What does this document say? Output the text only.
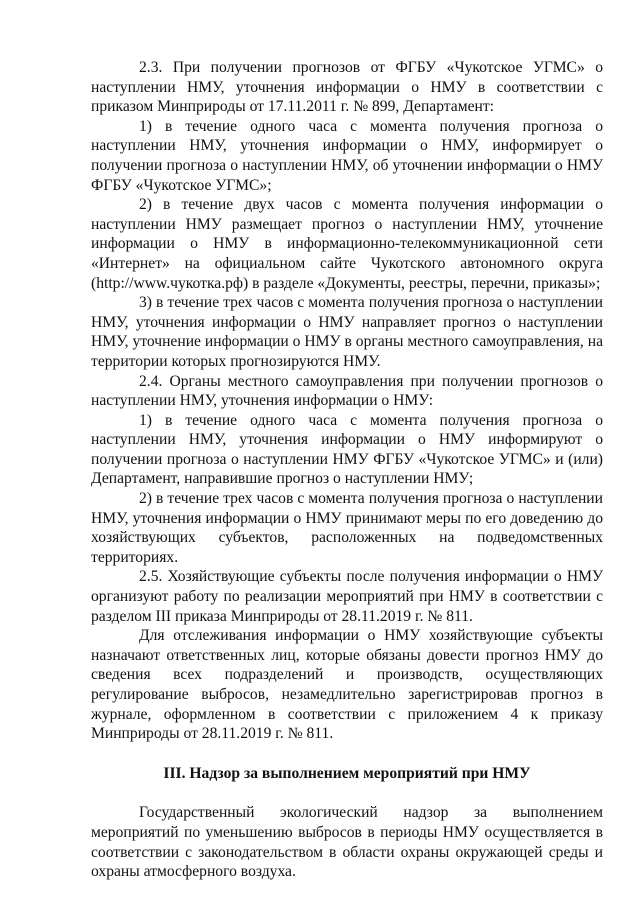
2.3. При получении прогнозов от ФГБУ «Чукотское УГМС» о наступлении НМУ, уточнения информации о НМУ в соответствии с приказом Минприроды от 17.11.2011 г. № 899, Департамент:

1) в течение одного часа с момента получения прогноза о наступлении НМУ, уточнения информации о НМУ, информирует о получении прогноза о наступлении НМУ, об уточнении информации о НМУ ФГБУ «Чукотское УГМС»;

2) в течение двух часов с момента получения информации о наступлении НМУ размещает прогноз о наступлении НМУ, уточнение информации о НМУ в информационно-телекоммуникационной сети «Интернет» на официальном сайте Чукотского автономного округа (http://www.чукотка.рф) в разделе «Документы, реестры, перечни, приказы»;

3) в течение трех часов с момента получения прогноза о наступлении НМУ, уточнения информации о НМУ направляет прогноз о наступлении НМУ, уточнение информации о НМУ в органы местного самоуправления, на территории которых прогнозируются НМУ.

2.4. Органы местного самоуправления при получении прогнозов о наступлении НМУ, уточнения информации о НМУ:

1) в течение одного часа с момента получения прогноза о наступлении НМУ, уточнения информации о НМУ информируют о получении прогноза о наступлении НМУ ФГБУ «Чукотское УГМС» и (или) Департамент, направившие прогноз о наступлении НМУ;

2) в течение трех часов с момента получения прогноза о наступлении НМУ, уточнения информации о НМУ принимают меры по его доведению до хозяйствующих субъектов, расположенных на подведомственных территориях.

2.5. Хозяйствующие субъекты после получения информации о НМУ организуют работу по реализации мероприятий при НМУ в соответствии с разделом III приказа Минприроды от 28.11.2019 г. № 811.

Для отслеживания информации о НМУ хозяйствующие субъекты назначают ответственных лиц, которые обязаны довести прогноз НМУ до сведения всех подразделений и производств, осуществляющих регулирование выбросов, незамедлительно зарегистрировав прогноз в журнале, оформленном в соответствии с приложением 4 к приказу Минприроды от 28.11.2019 г. № 811.

III. Надзор за выполнением мероприятий при НМУ

Государственный экологический надзор за выполнением мероприятий по уменьшению выбросов в периоды НМУ осуществляется в соответствии с законодательством в области охраны окружающей среды и охраны атмосферного воздуха.
